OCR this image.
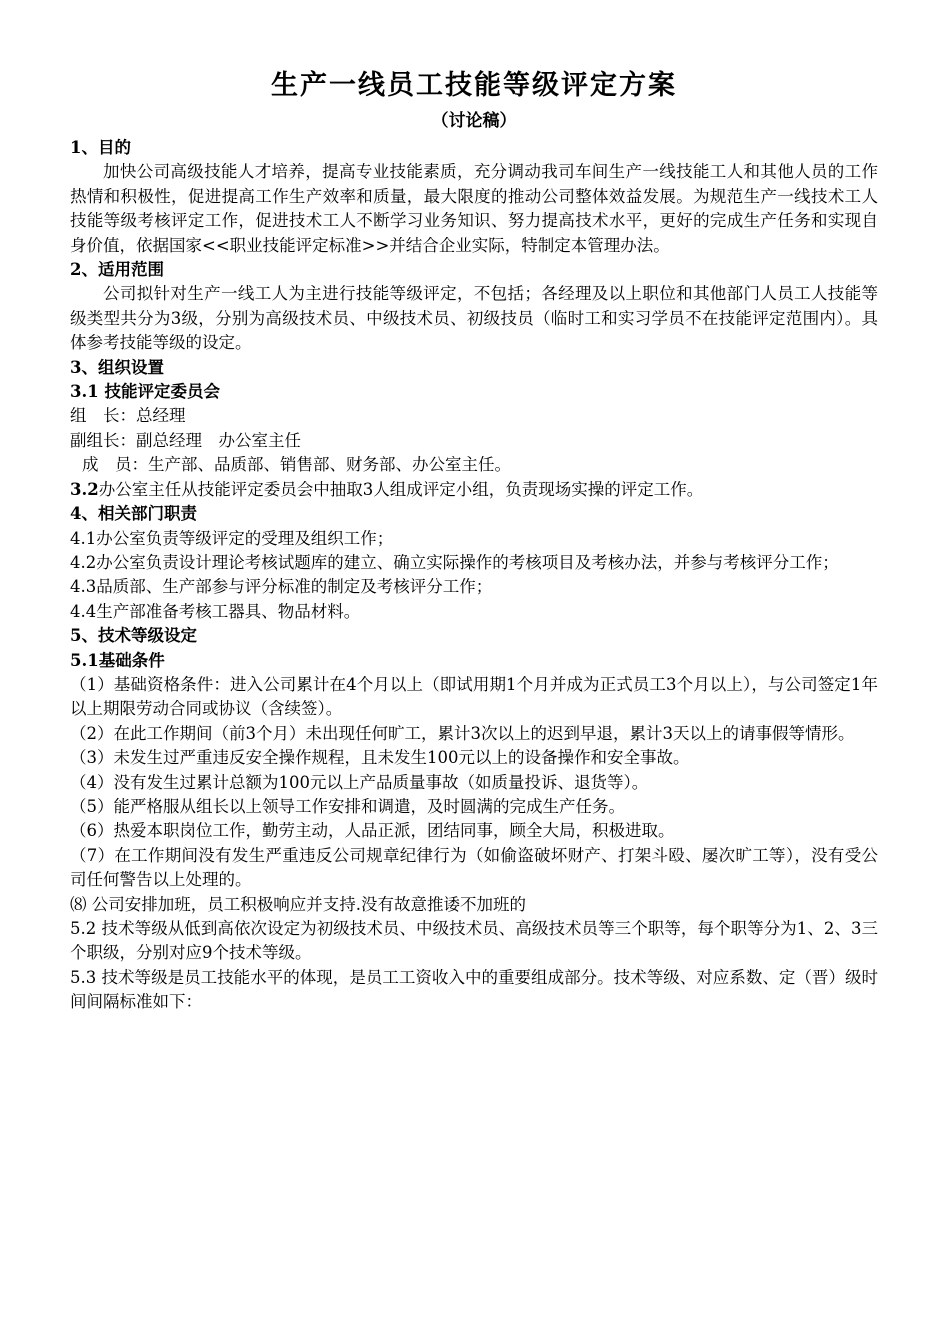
生产一线员工技能等级评定方案
（讨论稿）

1、目的

加快公司高级技能人才培养，提高专业技能素质，充分调动我司车间生产一线技能工人和其他人员的工作热情和积极性，促进提高工作生产效率和质量，最大限度的推动公司整体效益发展。为规范生产一线技术工人技能等级考核评定工作，促进技术工人不断学习业务知识、努力提高技术水平，更好的完成生产任务和实现自身价值，依据国家<<职业技能评定标准>>并结合企业实际，特制定本管理办法。

2、适用范围

公司拟针对生产一线工人为主进行技能等级评定，不包括；各经理及以上职位和其他部门人员工人技能等级类型共分为3级，分别为高级技术员、中级技术员、初级技员（临时工和实习学员不在技能评定范围内）。具体参考技能等级的设定。

3、组织设置

3.1 技能评定委员会

组　长：总经理

副组长：副总经理　办公室主任

成　员：生产部、品质部、销售部、财务部、办公室主任。

3.2办公室主任从技能评定委员会中抽取3人组成评定小组，负责现场实操的评定工作。

4、相关部门职责

4.1办公室负责等级评定的受理及组织工作；

4.2办公室负责设计理论考核试题库的建立、确立实际操作的考核项目及考核办法，并参与考核评分工作；

4.3品质部、生产部参与评分标准的制定及考核评分工作；

4.4生产部准备考核工器具、物品材料。

5、技术等级设定

5.1基础条件

（1）基础资格条件：进入公司累计在4个月以上（即试用期1个月并成为正式员工3个月以上），与公司签定1年以上期限劳动合同或协议（含续签）。

（2）在此工作期间（前3个月）未出现任何旷工，累计3次以上的迟到早退，累计3天以上的请事假等情形。

（3）未发生过严重违反安全操作规程，且未发生100元以上的设备操作和安全事故。

（4）没有发生过累计总额为100元以上产品质量事故（如质量投诉、退货等）。

（5）能严格服从组长以上领导工作安排和调遣，及时圆满的完成生产任务。

（6）热爱本职岗位工作，勤劳主动，人品正派，团结同事，顾全大局，积极进取。

（7）在工作期间没有发生严重违反公司规章纪律行为（如偷盗破坏财产、打架斗殴、屡次旷工等），没有受公司任何警告以上处理的。

⑻ 公司安排加班，员工积极响应并支持.没有故意推诿不加班的

5.2 技术等级从低到高依次设定为初级技术员、中级技术员、高级技术员等三个职等，每个职等分为1、2、3三个职级，分别对应9个技术等级。

5.3 技术等级是员工技能水平的体现，是员工工资收入中的重要组成部分。技术等级、对应系数、定（晋）级时间间隔标准如下：
